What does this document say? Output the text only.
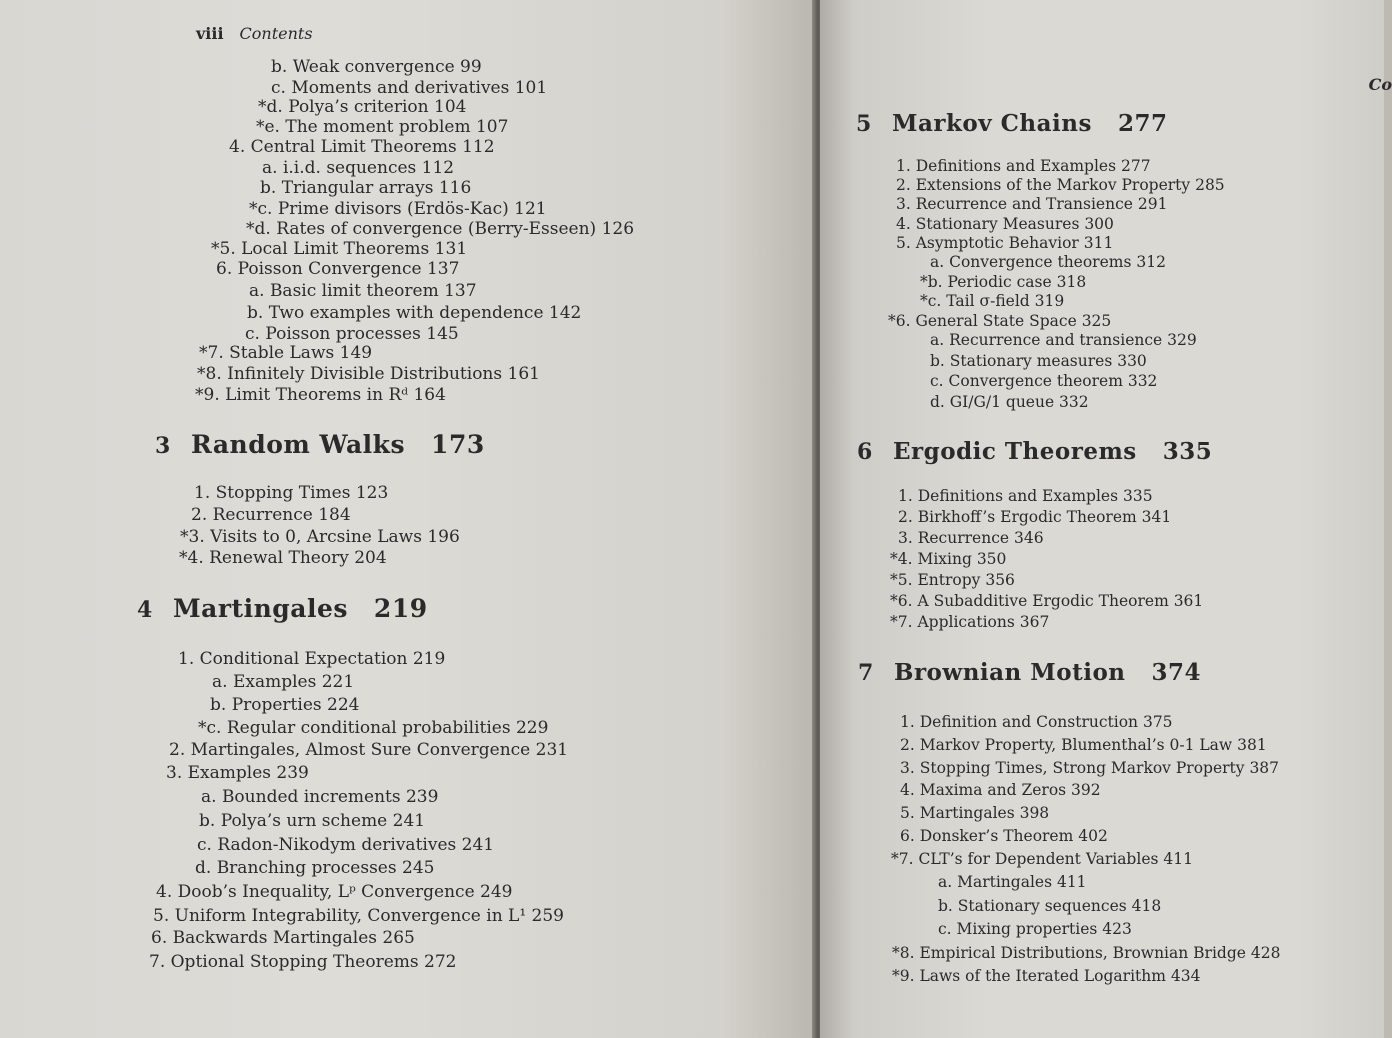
viii Contents
b. Weak convergence 99
c. Moments and derivatives 101
*d. Polya’s criterion 104
*e. The moment problem 107
4. Central Limit Theorems 112
a. i.i.d. sequences 112
b. Triangular arrays 116
*c. Prime divisors (Erdös-Kac) 121
*d. Rates of convergence (Berry-Esseen) 126
*5. Local Limit Theorems 131
6. Poisson Convergence 137
a. Basic limit theorem 137
b. Two examples with dependence 142
c. Poisson processes 145
*7. Stable Laws 149
*8. Infinitely Divisible Distributions 161
*9. Limit Theorems in Rᵈ 164
3 Random Walks 173
1. Stopping Times 123
2. Recurrence 184
*3. Visits to 0, Arcsine Laws 196
*4. Renewal Theory 204
4 Martingales 219
1. Conditional Expectation 219
a. Examples 221
b. Properties 224
*c. Regular conditional probabilities 229
2. Martingales, Almost Sure Convergence 231
3. Examples 239
a. Bounded increments 239
b. Polya’s urn scheme 241
c. Radon-Nikodym derivatives 241
d. Branching processes 245
4. Doob’s Inequality, Lᵖ Convergence 249
5. Uniform Integrability, Convergence in L¹ 259
6. Backwards Martingales 265
7. Optional Stopping Theorems 272
Co
5 Markov Chains 277
1. Definitions and Examples 277
2. Extensions of the Markov Property 285
3. Recurrence and Transience 291
4. Stationary Measures 300
5. Asymptotic Behavior 311
a. Convergence theorems 312
*b. Periodic case 318
*c. Tail σ-field 319
*6. General State Space 325
a. Recurrence and transience 329
b. Stationary measures 330
c. Convergence theorem 332
d. GI/G/1 queue 332
6 Ergodic Theorems 335
1. Definitions and Examples 335
2. Birkhoff’s Ergodic Theorem 341
3. Recurrence 346
*4. Mixing 350
*5. Entropy 356
*6. A Subadditive Ergodic Theorem 361
*7. Applications 367
7 Brownian Motion 374
1. Definition and Construction 375
2. Markov Property, Blumenthal’s 0-1 Law 381
3. Stopping Times, Strong Markov Property 387
4. Maxima and Zeros 392
5. Martingales 398
6. Donsker’s Theorem 402
*7. CLT’s for Dependent Variables 411
a. Martingales 411
b. Stationary sequences 418
c. Mixing properties 423
*8. Empirical Distributions, Brownian Bridge 428
*9. Laws of the Iterated Logarithm 434
